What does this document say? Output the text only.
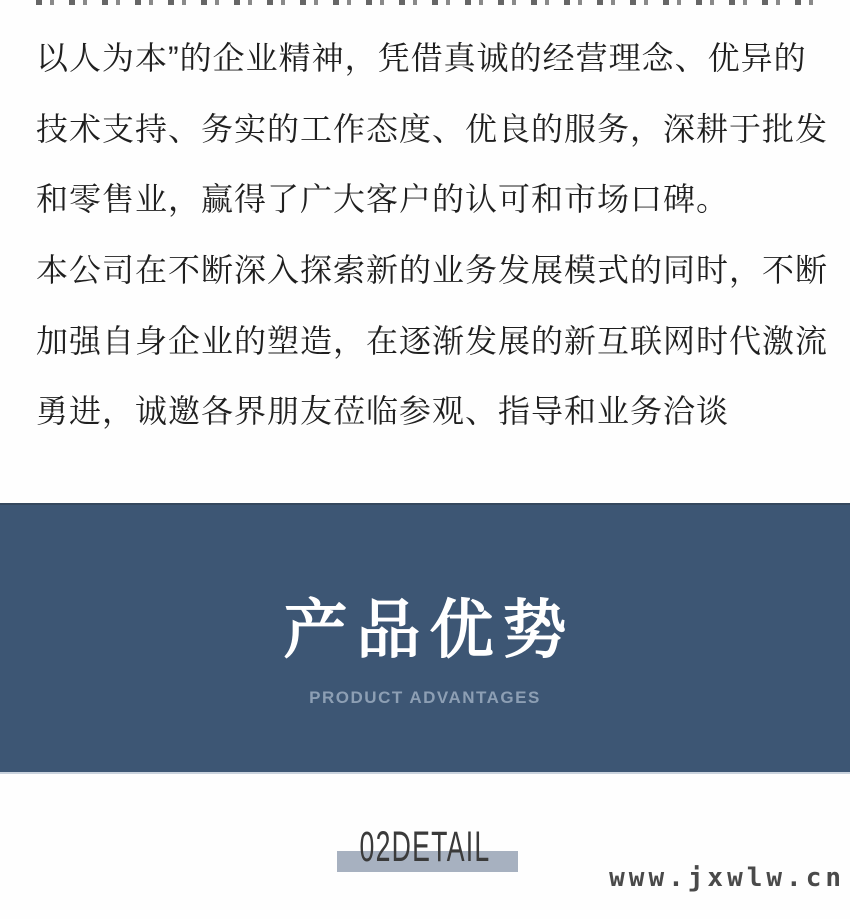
以人为本”的企业精神，凭借真诚的经营理念、优异的
技术支持、务实的工作态度、优良的服务，深耕于批发
和零售业，赢得了广大客户的认可和市场口碑。
本公司在不断深入探索新的业务发展模式的同时，不断
加强自身企业的塑造，在逐渐发展的新互联网时代激流
勇进，诚邀各界朋友莅临参观、指导和业务洽谈
产品优势
PRODUCT ADVANTAGES
02DETAIL
www.jxwlw.cn
